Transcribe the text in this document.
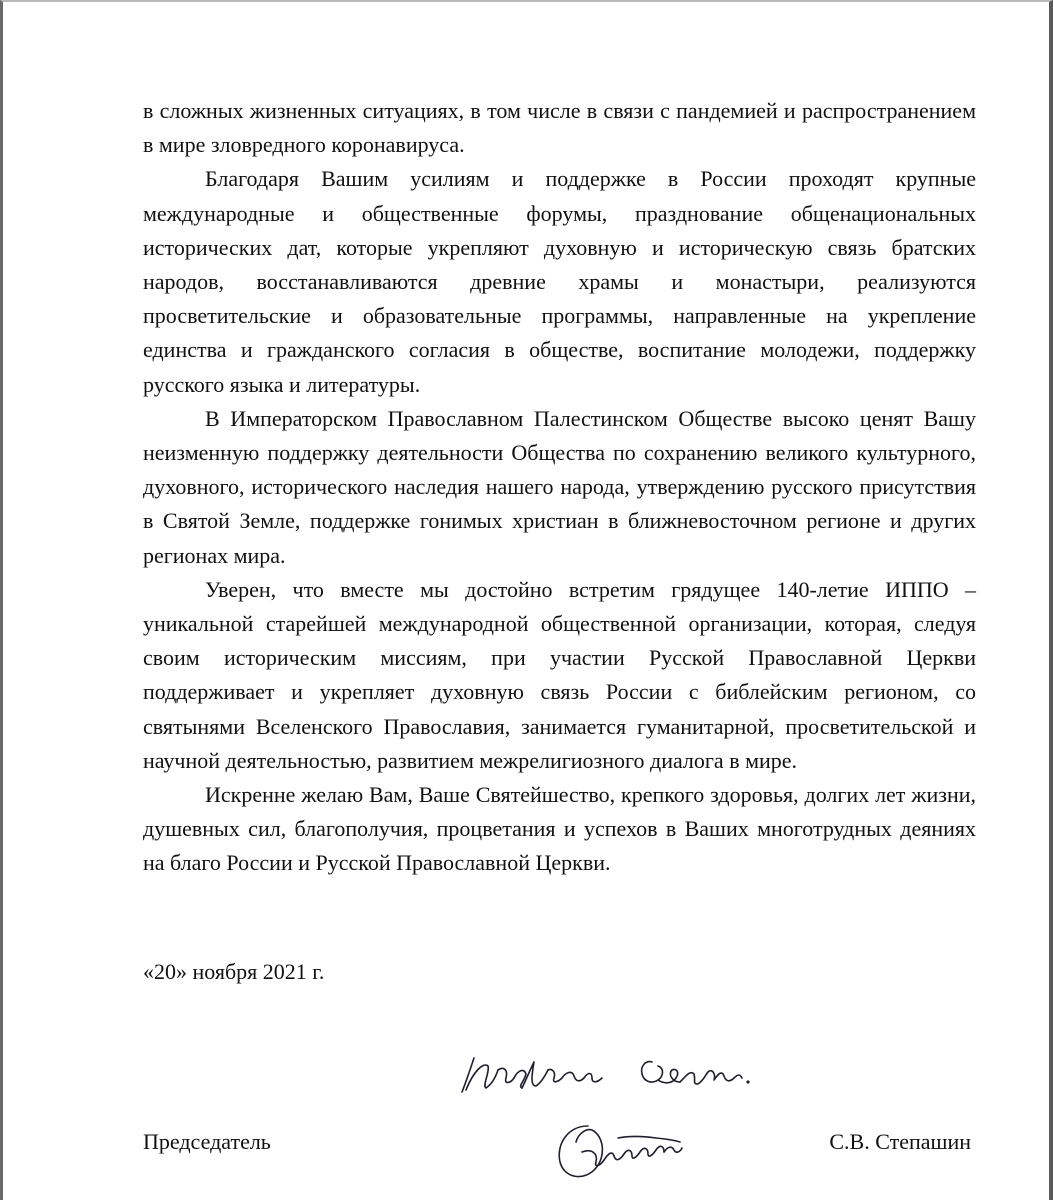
в сложных жизненных ситуациях, в том числе в связи с пандемией и распространением в мире зловредного коронавируса.

Благодаря Вашим усилиям и поддержке в России проходят крупные международные и общественные форумы, празднование общенациональных исторических дат, которые укрепляют духовную и историческую связь братских народов, восстанавливаются древние храмы и монастыри, реализуются просветительские и образовательные программы, направленные на укрепление единства и гражданского согласия в обществе, воспитание молодежи, поддержку русского языка и литературы.

В Императорском Православном Палестинском Обществе высоко ценят Вашу неизменную поддержку деятельности Общества по сохранению великого культурного, духовного, исторического наследия нашего народа, утверждению русского присутствия в Святой Земле, поддержке гонимых христиан в ближневосточном регионе и других регионах мира.

Уверен, что вместе мы достойно встретим грядущее 140-летие ИППО – уникальной старейшей международной общественной организации, которая, следуя своим историческим миссиям, при участии Русской Православной Церкви поддерживает и укрепляет духовную связь России с библейским регионом, со святынями Вселенского Православия, занимается гуманитарной, просветительской и научной деятельностью, развитием межрелигиозного диалога в мире.

Искренне желаю Вам, Ваше Святейшество, крепкого здоровья, долгих лет жизни, душевных сил, благополучия, процветания и успехов в Ваших многотрудных деяниях на благо России и Русской Православной Церкви.

«20» ноября 2021 г.
Председатель	С.В. Степашин
